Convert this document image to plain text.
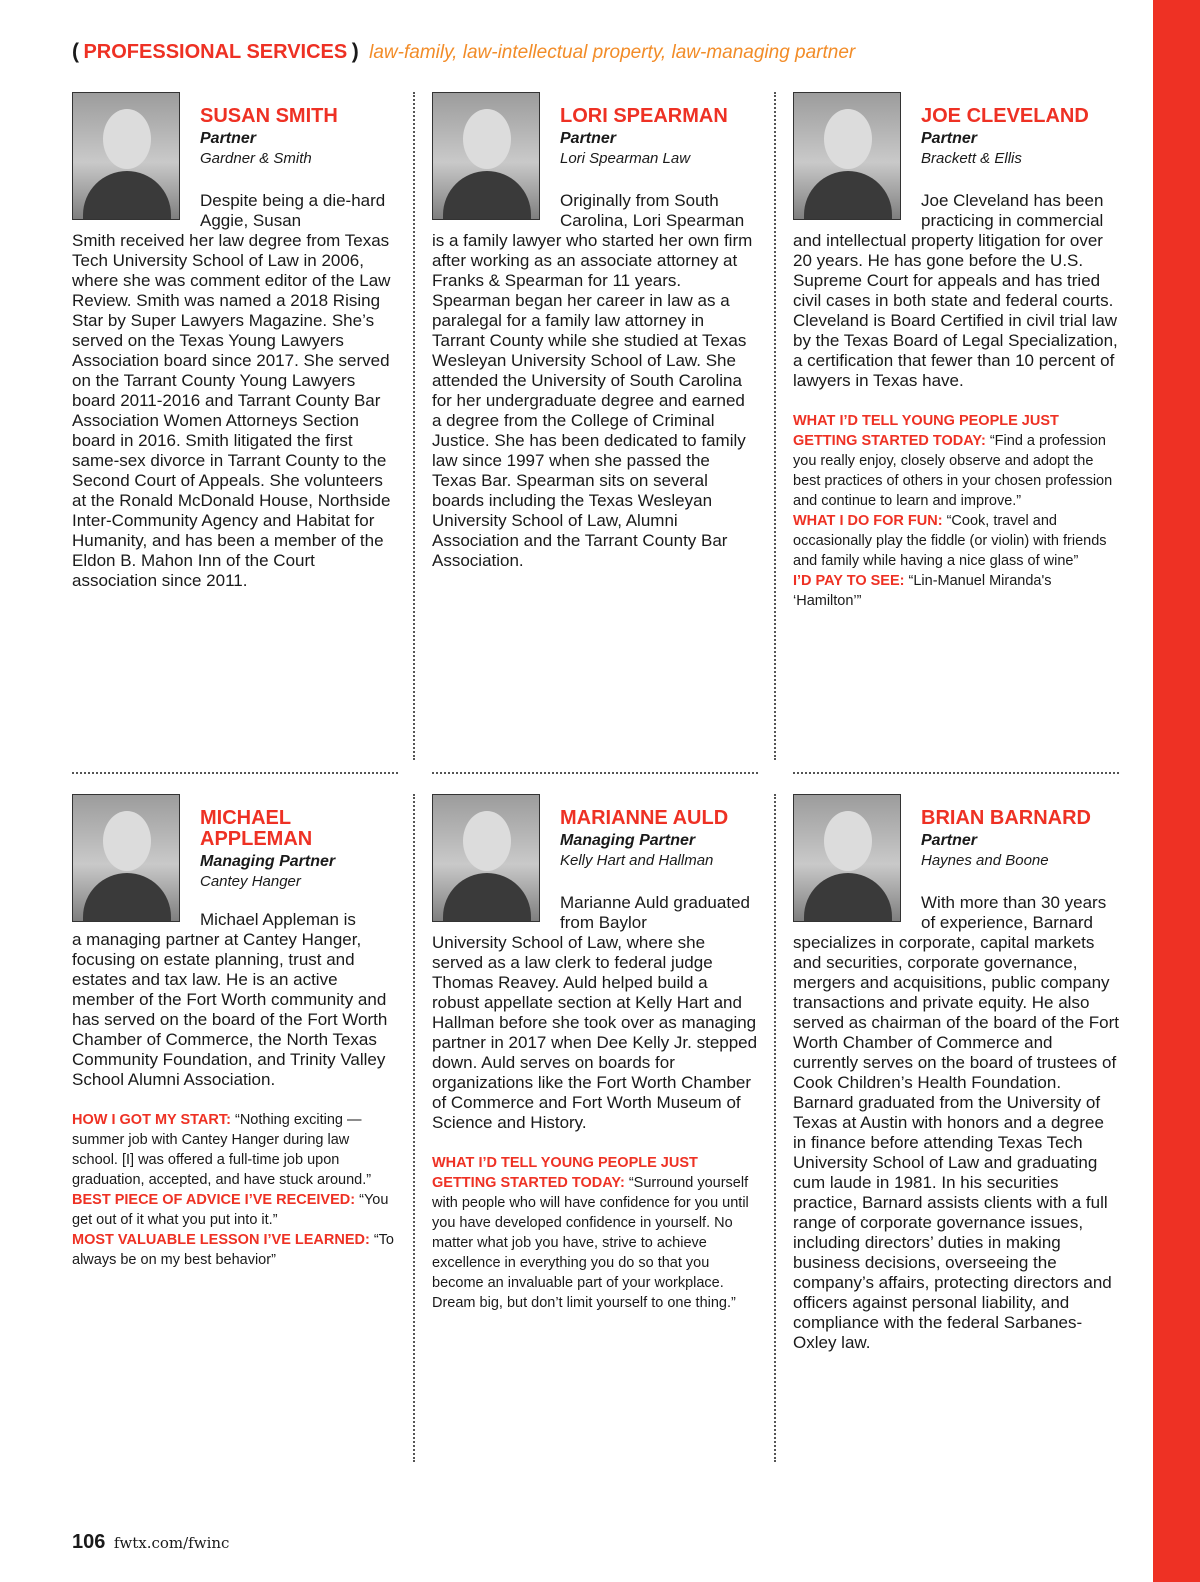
( PROFESSIONAL SERVICES ) law-family, law-intellectual property, law-managing partner
SUSAN SMITH
Partner
Gardner & Smith

Despite being a die-hard Aggie, Susan
Smith received her law degree from Texas Tech University School of Law in 2006, where she was comment editor of the Law Review. Smith was named a 2018 Rising Star by Super Lawyers Magazine. She’s served on the Texas Young Lawyers Association board since 2017. She served on the Tarrant County Young Lawyers board 2011-2016 and Tarrant County Bar Association Women Attorneys Section board in 2016. Smith litigated the first same-sex divorce in Tarrant County to the Second Court of Appeals. She volunteers at the Ronald McDonald House, Northside Inter-Community Agency and Habitat for Humanity, and has been a member of the Eldon B. Mahon Inn of the Court association since 2011.

LORI SPEARMAN
Partner
Lori Spearman Law

Originally from South Carolina, Lori Spearman
is a family lawyer who started her own firm after working as an associate attorney at Franks & Spearman for 11 years. Spearman began her career in law as a paralegal for a family law attorney in Tarrant County while she studied at Texas Wesleyan University School of Law. She attended the University of South Carolina for her undergraduate degree and earned a degree from the College of Criminal Justice. She has been dedicated to family law since 1997 when she passed the Texas Bar. Spearman sits on several boards including the Texas Wesleyan University School of Law, Alumni Association and the Tarrant County Bar Association.

JOE CLEVELAND
Partner
Brackett & Ellis

Joe Cleveland has been practicing in commercial
and intellectual property litigation for over 20 years. He has gone before the U.S. Supreme Court for appeals and has tried civil cases in both state and federal courts. Cleveland is Board Certified in civil trial law by the Texas Board of Legal Specialization, a certification that fewer than 10 percent of lawyers in Texas have.

WHAT I’D TELL YOUNG PEOPLE JUST GETTING STARTED TODAY: “Find a profession you really enjoy, closely observe and adopt the best practices of others in your chosen profession and continue to learn and improve.”
WHAT I DO FOR FUN: “Cook, travel and occasionally play the fiddle (or violin) with friends and family while having a nice glass of wine”
I’D PAY TO SEE: “Lin-Manuel Miranda's ‘Hamilton’”
MICHAEL APPLEMAN
Managing Partner
Cantey Hanger

Michael Appleman is
a managing partner at Cantey Hanger, focusing on estate planning, trust and estates and tax law. He is an active member of the Fort Worth community and has served on the board of the Fort Worth Chamber of Commerce, the North Texas Community Foundation, and Trinity Valley School Alumni Association.

HOW I GOT MY START: “Nothing exciting — summer job with Cantey Hanger during law school. [I] was offered a full-time job upon graduation, accepted, and have stuck around.”
BEST PIECE OF ADVICE I’VE RECEIVED: “You get out of it what you put into it.”
MOST VALUABLE LESSON I’VE LEARNED: “To always be on my best behavior”
MARIANNE AULD
Managing Partner
Kelly Hart and Hallman

Marianne Auld graduated from Baylor
University School of Law, where she served as a law clerk to federal judge Thomas Reavey. Auld helped build a robust appellate section at Kelly Hart and Hallman before she took over as managing partner in 2017 when Dee Kelly Jr. stepped down. Auld serves on boards for organizations like the Fort Worth Chamber of Commerce and Fort Worth Museum of Science and History.

WHAT I’D TELL YOUNG PEOPLE JUST GETTING STARTED TODAY: “Surround yourself with people who will have confidence for you until you have developed confidence in yourself. No matter what job you have, strive to achieve excellence in everything you do so that you become an invaluable part of your workplace. Dream big, but don’t limit yourself to one thing.”
BRIAN BARNARD
Partner
Haynes and Boone

With more than 30 years of experience, Barnard
specializes in corporate, capital markets and securities, corporate governance, mergers and acquisitions, public company transactions and private equity. He also served as chairman of the board of the Fort Worth Chamber of Commerce and currently serves on the board of trustees of Cook Children’s Health Foundation. Barnard graduated from the University of Texas at Austin with honors and a degree in finance before attending Texas Tech University School of Law and graduating cum laude in 1981. In his securities practice, Barnard assists clients with a full range of corporate governance issues, including directors’ duties in making business decisions, overseeing the company’s affairs, protecting directors and officers against personal liability, and compliance with the federal Sarbanes-Oxley law.

106 fwtx.com/fwinc
